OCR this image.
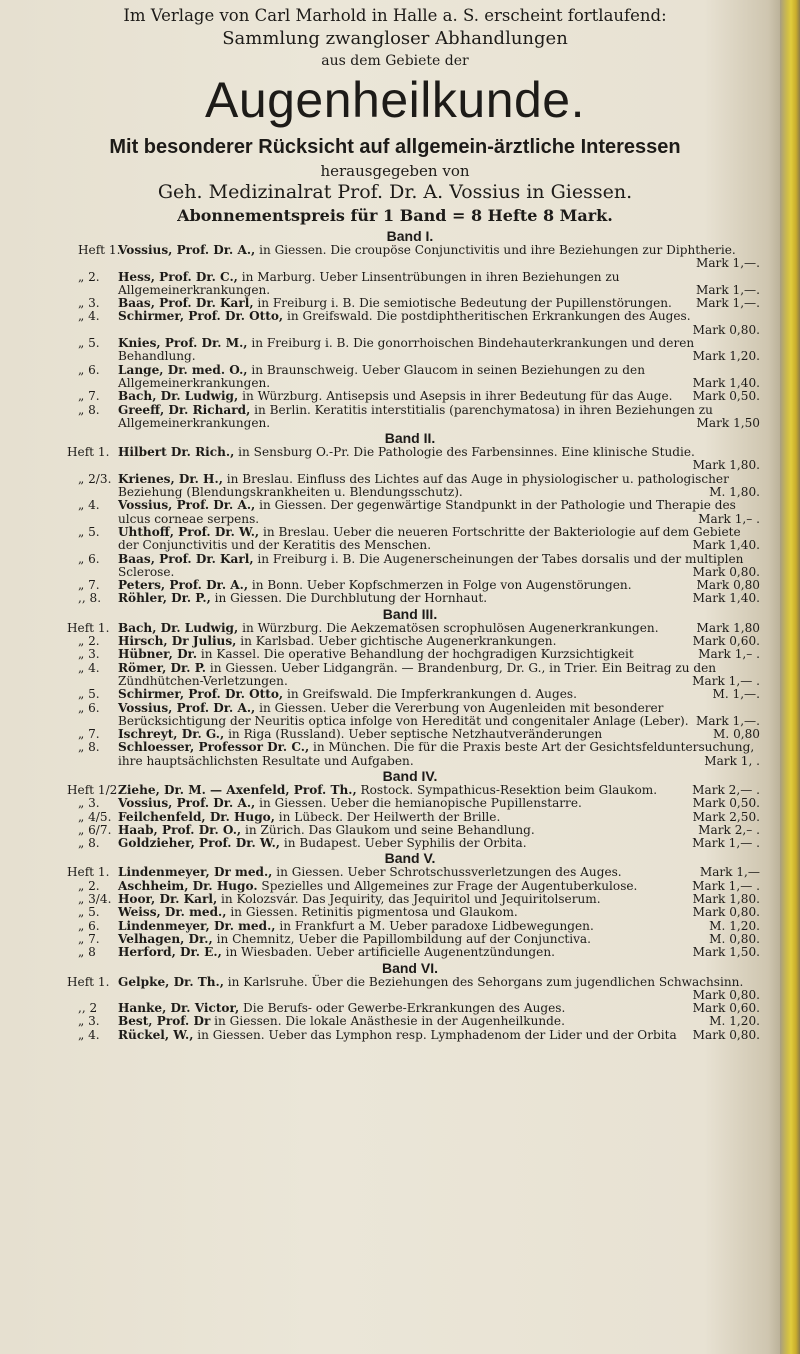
Im Verlage von Carl Marhold in Halle a. S. erscheint fortlaufend:
Sammlung zwangloser Abhandlungen
aus dem Gebiete der
Augenheilkunde.
Mit besonderer Rücksicht auf allgemein-ärztliche Interessen
herausgegeben von
Geh. Medizinalrat Prof. Dr. A. Vossius in Giessen.
Abonnementspreis für 1 Band = 8 Hefte 8 Mark.
Band I.
Heft 1.
Vossius, Prof. Dr. A., in Giessen. Die croupöse Conjunctivitis und ihre Beziehungen zur Diphtherie.
Mark 1,—.
„ 2. Hess, Prof. Dr. C., in Marburg. Ueber Linsentrübungen in ihren Beziehungen zu Allgemeinerkrankungen.	Mark 1,—.
„ 3. Baas, Prof. Dr. Karl, in Freiburg i. B. Die semiotische Bedeutung der Pupillenstörungen.	Mark 1,—.
„ 4. Schirmer, Prof. Dr. Otto, in Greifswald. Die postdiphtheritischen Erkrankungen des Auges.
Mark 0,80.
„ 5. Knies, Prof. Dr. M., in Freiburg i. B. Die gonorrhoischen Bindehauterkrankungen und deren Behandlung.	Mark 1,20.
„ 6. Lange, Dr. med. O., in Braunschweig. Ueber Glaucom in seinen Beziehungen zu den Allgemeinerkrankungen.	Mark 1,40.
„ 7. Bach, Dr. Ludwig, in Würzburg. Antisepsis und Asepsis in ihrer Bedeutung für das Auge.	Mark 0,50.
„ 8. Greeff, Dr. Richard, in Berlin. Keratitis interstitialis (parenchymatosa) in ihren Beziehungen zu Allgemeinerkrankungen.	Mark 1,50
Band II.
Heft 1. Hilbert Dr. Rich., in Sensburg O.-Pr. Die Pathologie des Farbensinnes. Eine klinische Studie.
Mark 1,80.
„ 2/3. Krienes, Dr. H., in Breslau. Einfluss des Lichtes auf das Auge in physiologischer u. pathologischer Beziehung (Blendungskrankheiten u. Blendungsschutz).	M. 1,80.
„ 4. Vossius, Prof. Dr. A., in Giessen. Der gegenwärtige Standpunkt in der Pathologie und Therapie des ulcus corneae serpens.	Mark 1,– .
„ 5. Uhthoff, Prof. Dr. W., in Breslau. Ueber die neueren Fortschritte der Bakteriologie auf dem Gebiete der Conjunctivitis und der Keratitis des Menschen.	Mark 1,40.
„ 6. Baas, Prof. Dr. Karl, in Freiburg i. B. Die Augenerscheinungen der Tabes dorsalis und der multiplen Sclerose.	Mark 0,80.
„ 7. Peters, Prof. Dr. A., in Bonn. Ueber Kopfschmerzen in Folge von Augenstörungen.	Mark 0,80
,, 8. Röhler, Dr. P., in Giessen. Die Durchblutung der Hornhaut.	Mark 1,40.
Band III.
Heft 1. Bach, Dr. Ludwig, in Würzburg. Die Aekzematösen scrophulösen Augenerkrankungen.	Mark 1,80
„ 2. Hirsch, Dr Julius, in Karlsbad. Ueber gichtische Augenerkrankungen.	Mark 0,60.
„ 3. Hübner, Dr. in Kassel. Die operative Behandlung der hochgradigen Kurzsichtigkeit	Mark 1,– .
„ 4. Römer, Dr. P. in Giessen. Ueber Lidgangrän. — Brandenburg, Dr. G., in Trier. Ein Beitrag zu den Zündhütchen-Verletzungen.	Mark 1,— .
„ 5. Schirmer, Prof. Dr. Otto, in Greifswald. Die Impferkrankungen d. Auges.	M. 1,—.
„ 6. Vossius, Prof. Dr. A., in Giessen. Ueber die Vererbung von Augenleiden mit besonderer Berücksichtigung der Neuritis optica infolge von Heredität und congenitaler Anlage (Leber). Mark 1,—.
„ 7. Ischreyt, Dr. G., in Riga (Russland). Ueber septische Netzhautveränderungen	M. 0,80
„ 8. Schloesser, Professor Dr. C., in München. Die für die Praxis beste Art der Gesichtsfelduntersuchung, ihre hauptsächlichsten Resultate und Aufgaben.	Mark 1, .
Band IV.
Heft 1/2.
Ziehe, Dr. M. — Axenfeld, Prof. Th., Rostock. Sympathicus-Resektion beim Glaukom.	Mark 2,— .
„ 3. Vossius, Prof. Dr. A., in Giessen. Ueber die hemianopische Pupillenstarre.	Mark 0,50.
„ 4/5. Feilchenfeld, Dr. Hugo, in Lübeck. Der Heilwerth der Brille.	Mark 2,50.
„ 6/7. Haab, Prof. Dr. O., in Zürich. Das Glaukom und seine Behandlung.	Mark 2,– .
„ 8. Goldzieher, Prof. Dr. W., in Budapest. Ueber Syphilis der Orbita.	Mark 1,— .
Band V.
Heft 1. Lindenmeyer, Dr med., in Giessen. Ueber Schrotschussverletzungen des Auges.	Mark 1,—
„ 2. Aschheim, Dr. Hugo. Spezielles und Allgemeines zur Frage der Augentuberkulose.	Mark 1,— .
„ 3/4. Hoor, Dr. Karl, in Kolozsvár. Das Jequirity, das Jequiritol und Jequiritolserum.	Mark 1,80.
„ 5. Weiss, Dr. med., in Giessen. Retinitis pigmentosa und Glaukom.	Mark 0,80.
„ 6. Lindenmeyer, Dr. med., in Frankfurt a M. Ueber paradoxe Lidbewegungen.	M. 1,20.
„ 7. Velhagen, Dr., in Chemnitz, Ueber die Papillombildung auf der Conjunctiva.	M. 0,80.
„ 8 Herford, Dr. E., in Wiesbaden. Ueber artificielle Augenentzündungen.	Mark 1,50.
Band VI.
Heft 1. Gelpke, Dr. Th., in Karlsruhe. Über die Beziehungen des Sehorgans zum jugendlichen Schwachsinn.
Mark 0,80.
,, 2 Hanke, Dr. Victor, Die Berufs- oder Gewerbe-Erkrankungen des Auges.	Mark 0,60.
„ 3. Best, Prof. Dr in Giessen. Die lokale Anästhesie in der Augenheilkunde.	M. 1,20.
„ 4. Rückel, W., in Giessen. Ueber das Lymphon resp. Lymphadenom der Lider und der Orbita	Mark 0,80.
